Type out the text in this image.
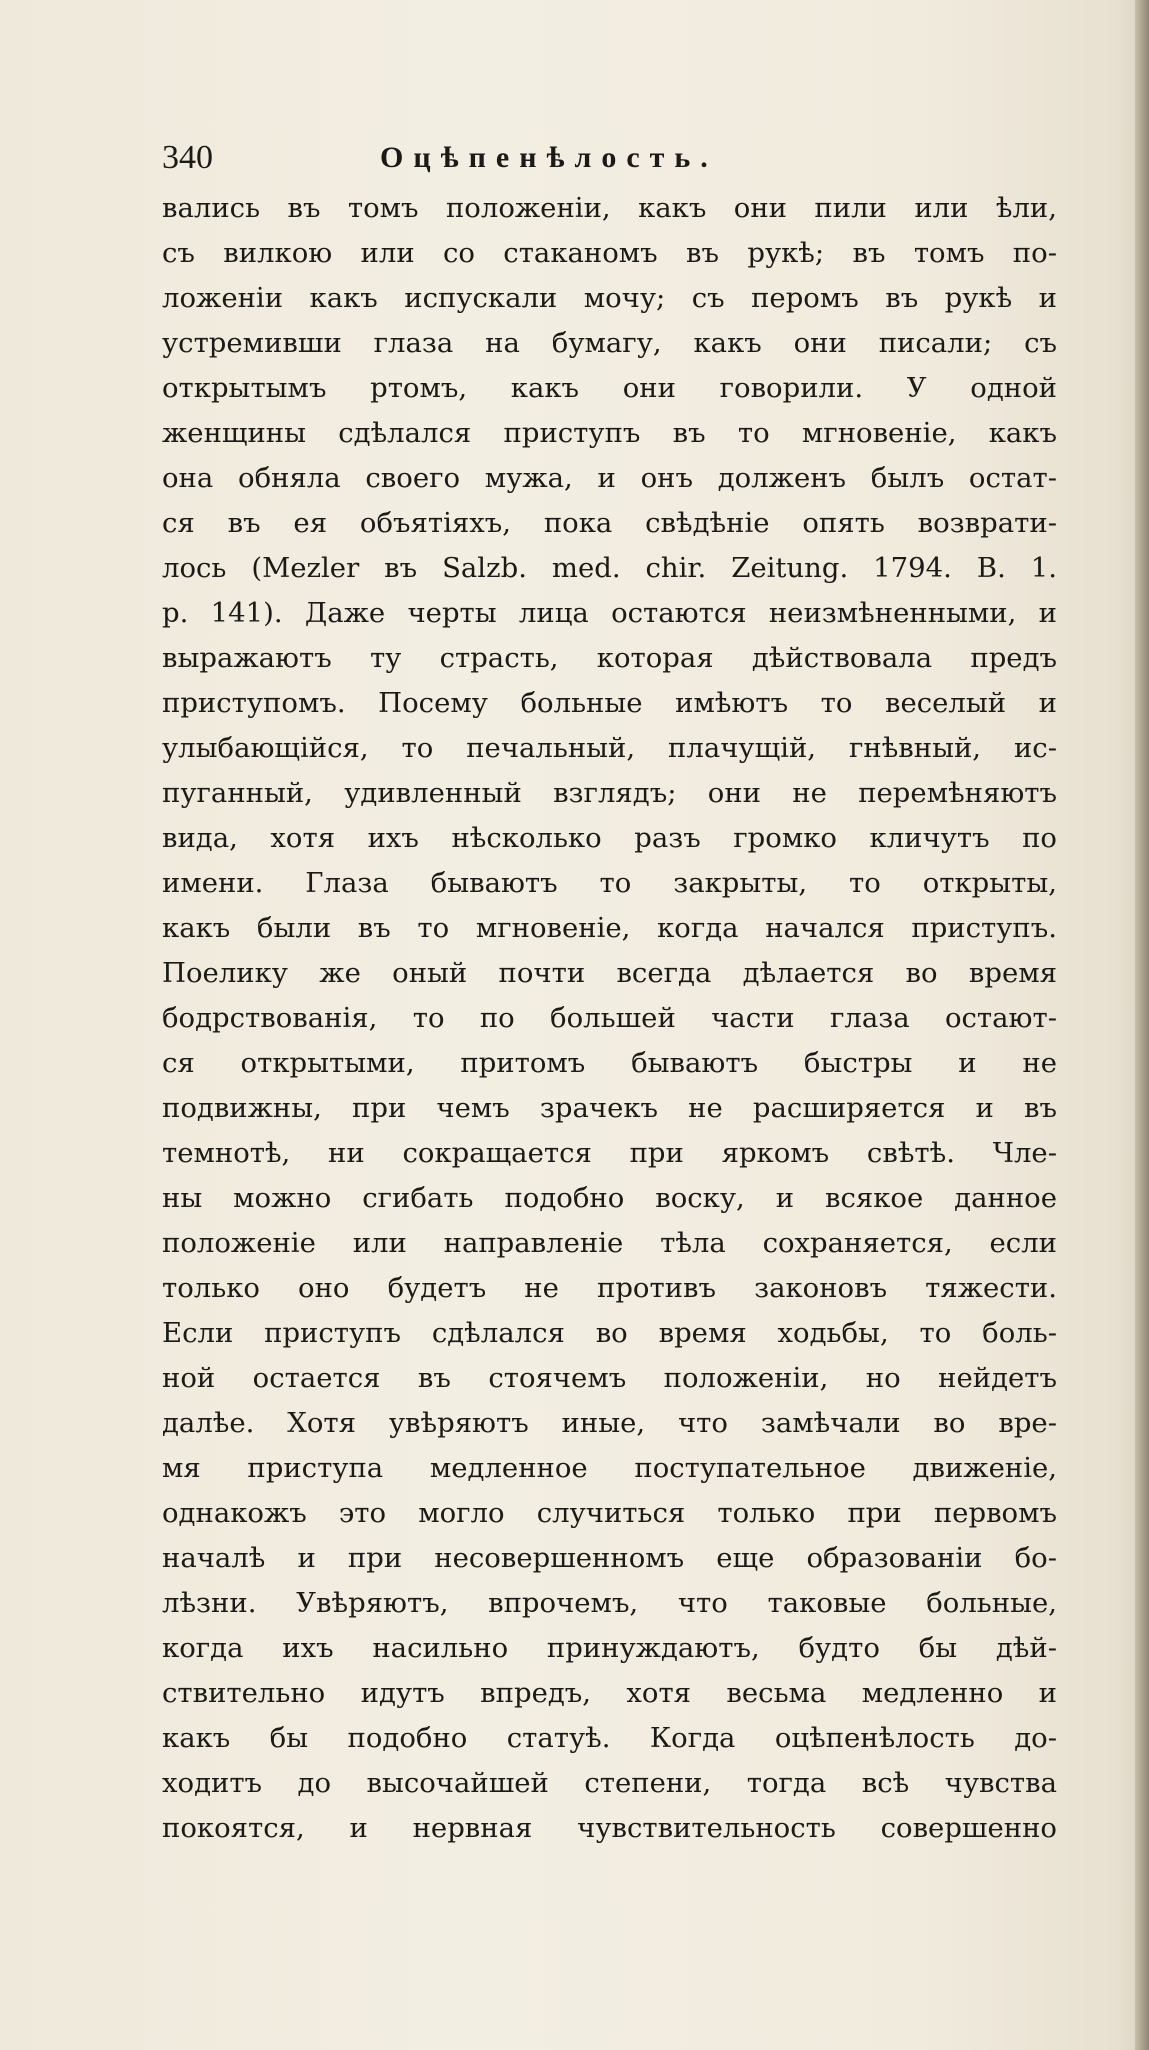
340	Оцѣпенѣлость.
вались въ томъ положеніи, какъ они пили или ѣли,
съ вилкою или со стаканомъ въ рукѣ; въ томъ по-
ложеніи какъ испускали мочу; съ перомъ въ рукѣ и
устремивши глаза на бумагу, какъ они писали; съ
открытымъ ртомъ, какъ они говорили. У одной
женщины сдѣлался приступъ въ то мгновеніе, какъ
она обняла своего мужа, и онъ долженъ былъ остат-
ся въ ея объятіяхъ, пока свѣдѣніе опять возврати-
лось (Mezler въ Salzb. med. chir. Zeitung. 1794. B. 1.
p. 141). Даже черты лица остаются неизмѣненными, и
выражаютъ ту страсть, которая дѣйствовала предъ
приступомъ. Посему больные имѣютъ то веселый и
улыбающійся, то печальный, плачущій, гнѣвный, ис-
пуганный, удивленный взглядъ; они не перемѣняютъ
вида, хотя ихъ нѣсколько разъ громко кличутъ по
имени. Глаза бываютъ то закрыты, то открыты,
какъ были въ то мгновеніе, когда начался приступъ.
Поелику же оный почти всегда дѣлается во время
бодрствованія, то по большей части глаза остают-
ся открытыми, притомъ бываютъ быстры и не
подвижны, при чемъ зрачекъ не расширяется и въ
темнотѣ, ни сокращается при яркомъ свѣтѣ. Чле-
ны можно сгибать подобно воску, и всякое данное
положеніе или направленіе тѣла сохраняется, если
только оно будетъ не противъ законовъ тяжести.
Если приступъ сдѣлался во время ходьбы, то боль-
ной остается въ стоячемъ положеніи, но нейдетъ
далѣе. Хотя увѣряютъ иные, что замѣчали во вре-
мя приступа медленное поступательное движеніе,
однакожъ это могло случиться только при первомъ
началѣ и при несовершенномъ еще образованіи бо-
лѣзни. Увѣряютъ, впрочемъ, что таковые больные,
когда ихъ насильно принуждаютъ, будто бы дѣй-
ствительно идутъ впредъ, хотя весьма медленно и
какъ бы подобно статуѣ. Когда оцѣпенѣлость до-
ходитъ до высочайшей степени, тогда всѣ чувства
покоятся, и нервная чувствительность совершенно
